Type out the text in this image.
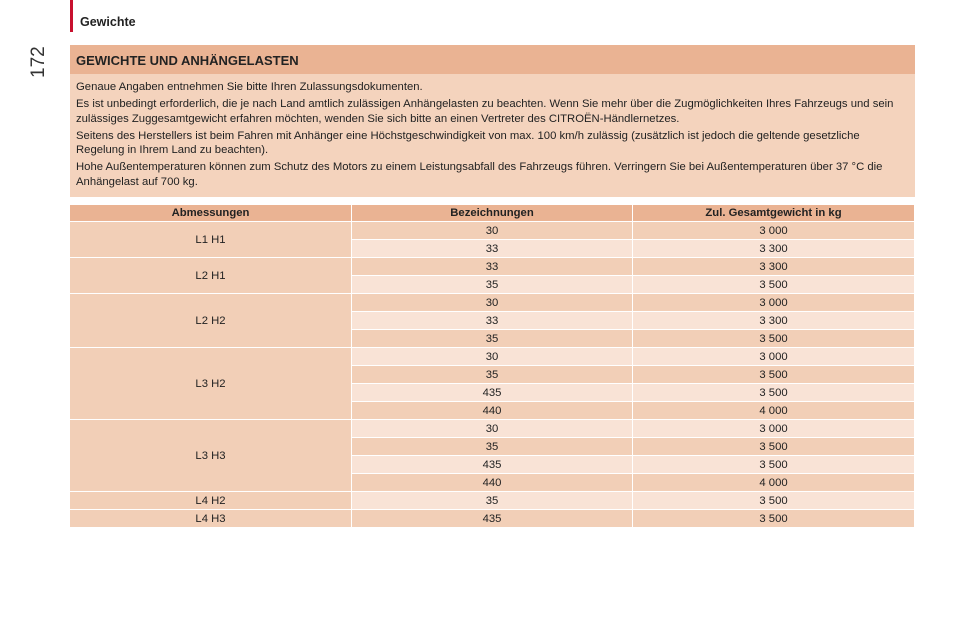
Gewichte
172	GEWICHTE UND ANHÄNGELASTEN

Genaue Angaben entnehmen Sie bitte Ihren Zulassungsdokumenten.

Es ist unbedingt erforderlich, die je nach Land amtlich zulässigen Anhängelasten zu beachten. Wenn Sie mehr über die Zugmöglichkeiten Ihres Fahrzeugs und sein zulässiges Zuggesamtgewicht erfahren möchten, wenden Sie sich bitte an einen Vertreter des CITROËN-Händlernetzes.

Seitens des Herstellers ist beim Fahren mit Anhänger eine Höchstgeschwindigkeit von max. 100 km/h zulässig (zusätzlich ist jedoch die geltende gesetzliche Regelung in Ihrem Land zu beachten).

Hohe Außentemperaturen können zum Schutz des Motors zu einem Leistungsabfall des Fahrzeugs führen. Verringern Sie bei Außentemperaturen über 37 °C die Anhängelast auf 700 kg.

Abmessungen	Bezeichnungen	Zul. Gesamtgewicht in kg
L1 H1	30	3 000
	33	3 300
L2 H1	33	3 300
	35	3 500
L2 H2	30	3 000
	33	3 300
	35	3 500
L3 H2	30	3 000
	35	3 500
	435	3 500
	440	4 000
L3 H3	30	3 000
	35	3 500
	435	3 500
	440	4 000
L4 H2	35	3 500
L4 H3	435	3 500
